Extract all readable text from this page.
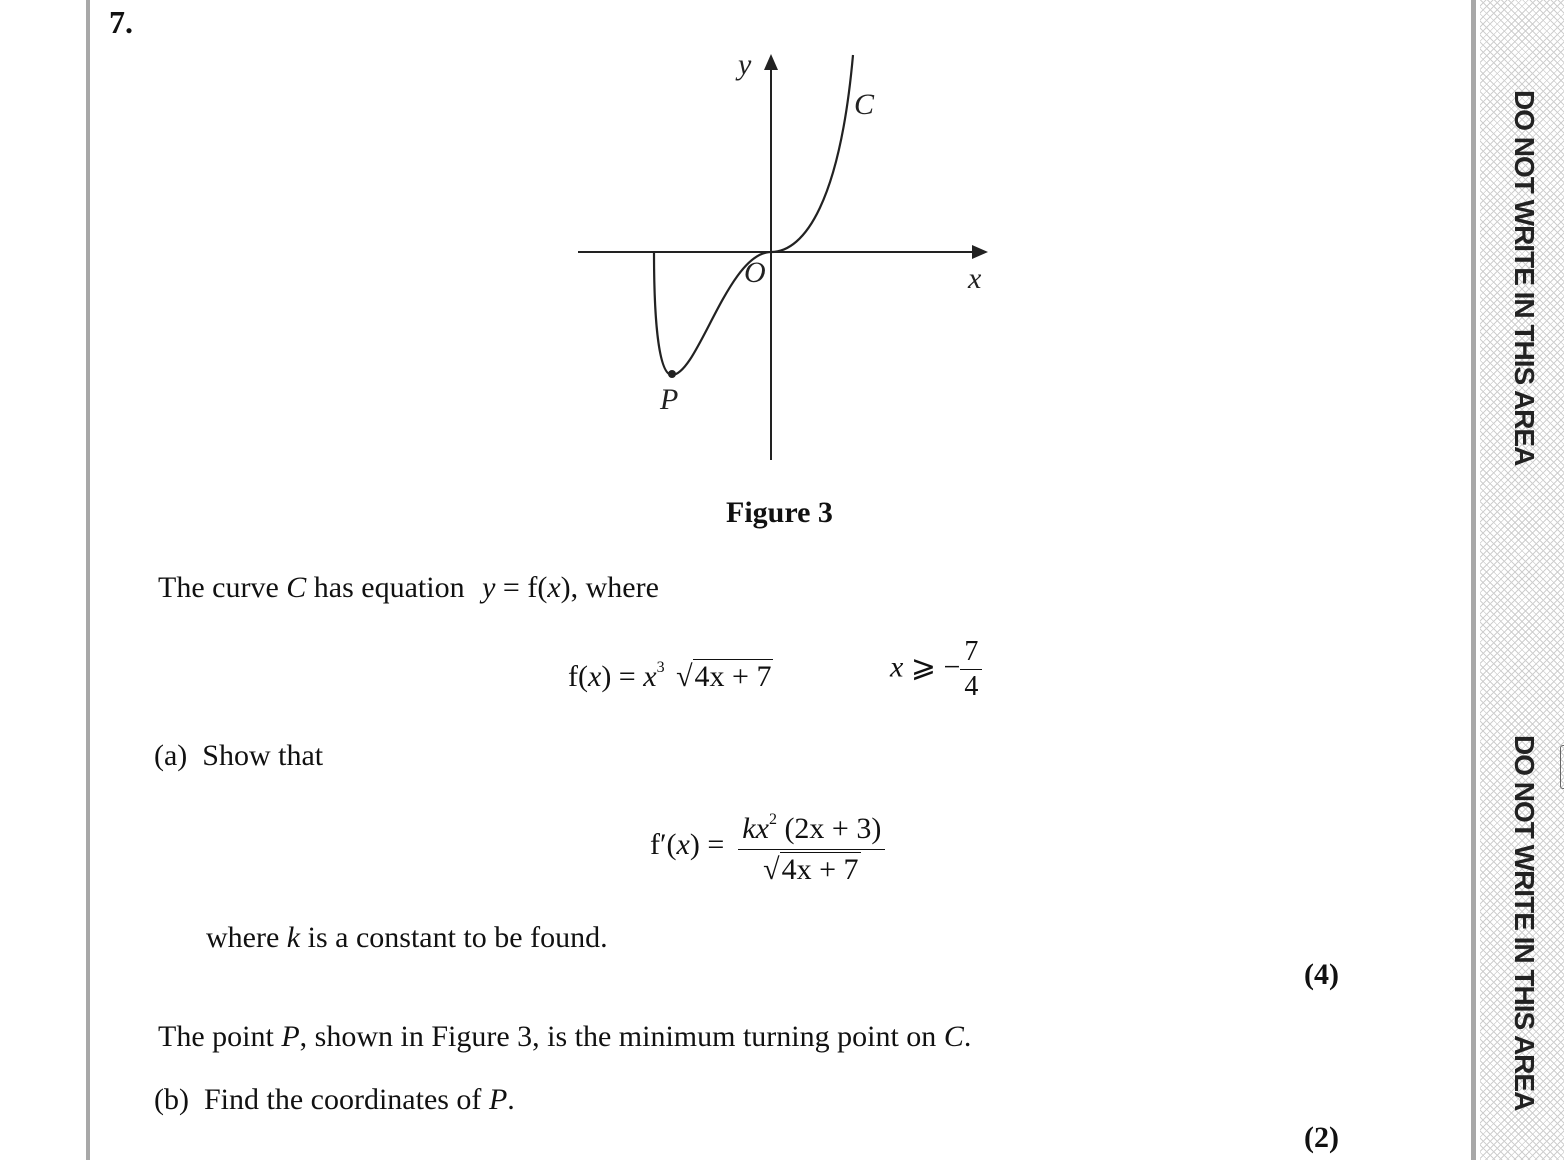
DO NOT WRITE IN THIS AREA
DO NOT WRITE IN THIS AREA
7.
y
x
O
C
P
Figure 3
The curve C has equation y = f(x), where
$f(x) = x^3$ √4x + 7	x ⩾ − $\frac{7}{4}$
(a) Show that
f′( x ) = $\frac{kx^2 (2x + 3)}{√4x + 7}$
where k is a constant to be found.
(4)
The point P, shown in Figure 3, is the minimum turning point on C.
(b) Find the coordinates of P.
(2)
